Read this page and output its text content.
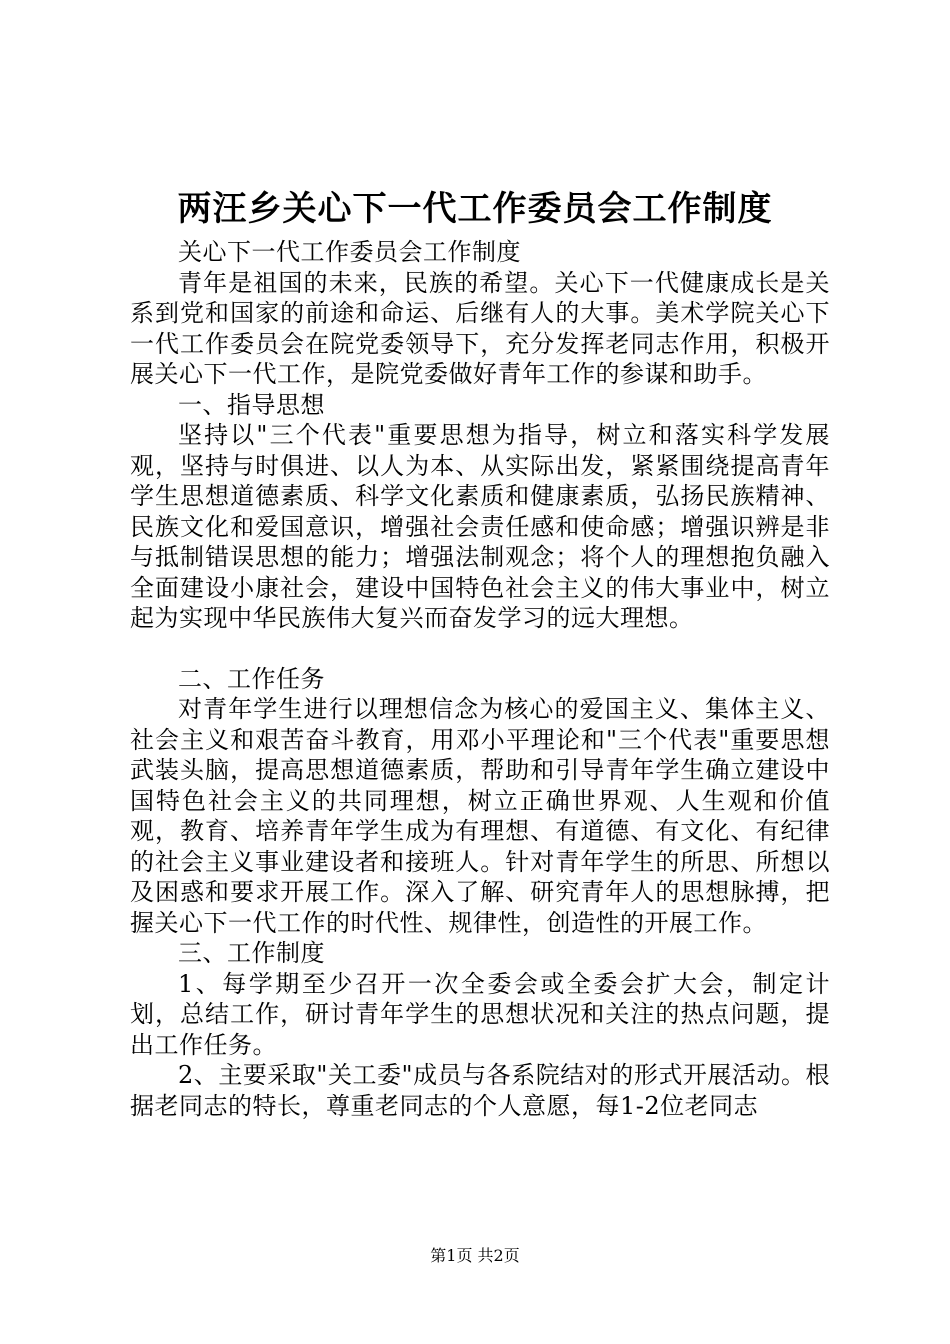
两汪乡关心下一代工作委员会工作制度

关心下一代工作委员会工作制度

青年是祖国的未来，民族的希望。关心下一代健康成长是关系到党和国家的前途和命运、后继有人的大事。美术学院关心下一代工作委员会在院党委领导下，充分发挥老同志作用，积极开展关心下一代工作，是院党委做好青年工作的参谋和助手。

一、指导思想

坚持以"三个代表"重要思想为指导，树立和落实科学发展观，坚持与时俱进、以人为本、从实际出发，紧紧围绕提高青年学生思想道德素质、科学文化素质和健康素质，弘扬民族精神、民族文化和爱国意识，增强社会责任感和使命感；增强识辨是非与抵制错误思想的能力；增强法制观念；将个人的理想抱负融入全面建设小康社会，建设中国特色社会主义的伟大事业中，树立起为实现中华民族伟大复兴而奋发学习的远大理想。

二、工作任务

对青年学生进行以理想信念为核心的爱国主义、集体主义、社会主义和艰苦奋斗教育，用邓小平理论和"三个代表"重要思想武装头脑，提高思想道德素质，帮助和引导青年学生确立建设中国特色社会主义的共同理想，树立正确世界观、人生观和价值观，教育、培养青年学生成为有理想、有道德、有文化、有纪律的社会主义事业建设者和接班人。针对青年学生的所思、所想以及困惑和要求开展工作。深入了解、研究青年人的思想脉搏，把握关心下一代工作的时代性、规律性，创造性的开展工作。

三、工作制度

1、每学期至少召开一次全委会或全委会扩大会，制定计划，总结工作，研讨青年学生的思想状况和关注的热点问题，提出工作任务。

2、主要采取"关工委"成员与各系院结对的形式开展活动。根据老同志的特长，尊重老同志的个人意愿，每1-2位老同志

第1页 共2页
